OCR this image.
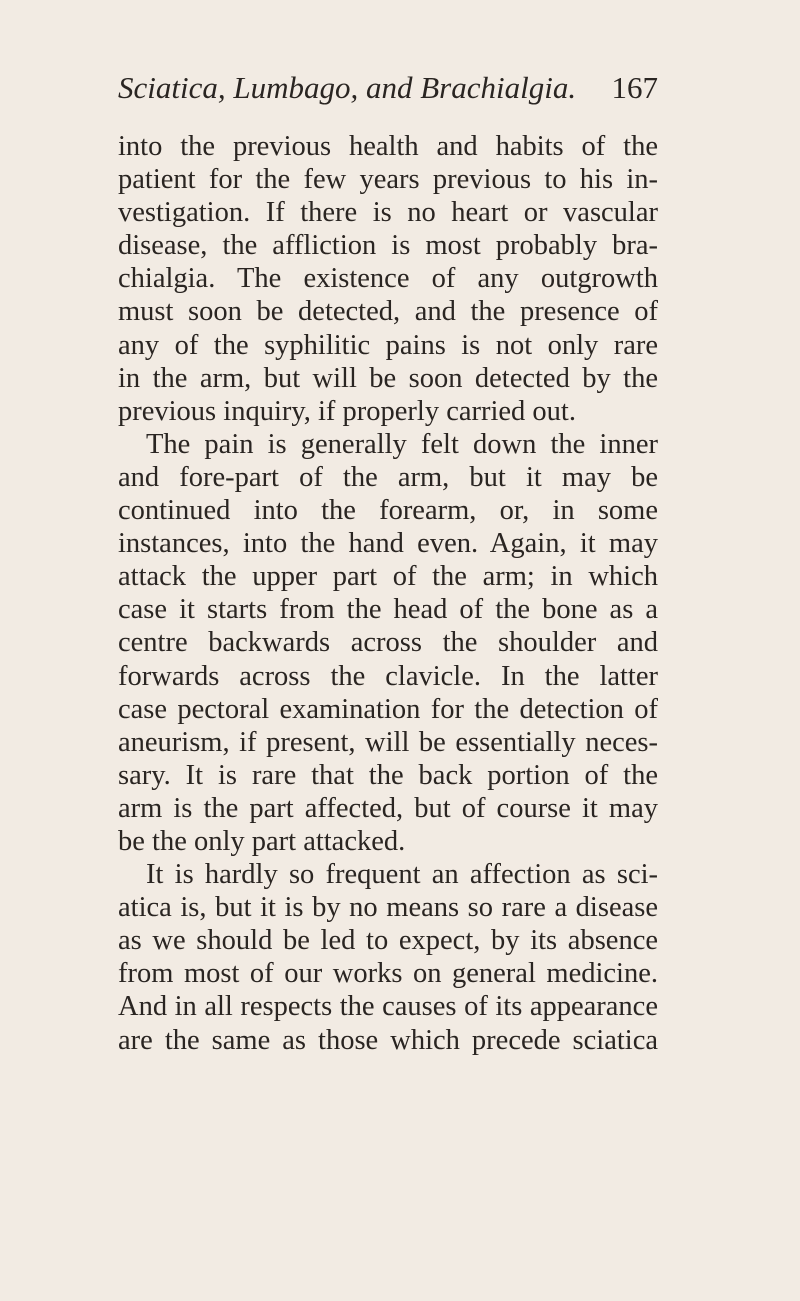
Sciatica, Lumbago, and Brachialgia. 167
into the previous health and habits of the
patient for the few years previous to his in-
vestigation. If there is no heart or vascular
disease, the affliction is most probably bra-
chialgia. The existence of any outgrowth
must soon be detected, and the presence of
any of the syphilitic pains is not only rare
in the arm, but will be soon detected by the
previous inquiry, if properly carried out.
The pain is generally felt down the inner
and fore-part of the arm, but it may be
continued into the forearm, or, in some
instances, into the hand even. Again, it may
attack the upper part of the arm; in which
case it starts from the head of the bone as a
centre backwards across the shoulder and
forwards across the clavicle. In the latter
case pectoral examination for the detection of
aneurism, if present, will be essentially neces-
sary. It is rare that the back portion of the
arm is the part affected, but of course it may
be the only part attacked.
It is hardly so frequent an affection as sci-
atica is, but it is by no means so rare a disease
as we should be led to expect, by its absence
from most of our works on general medicine.
And in all respects the causes of its appearance
are the same as those which precede sciatica
